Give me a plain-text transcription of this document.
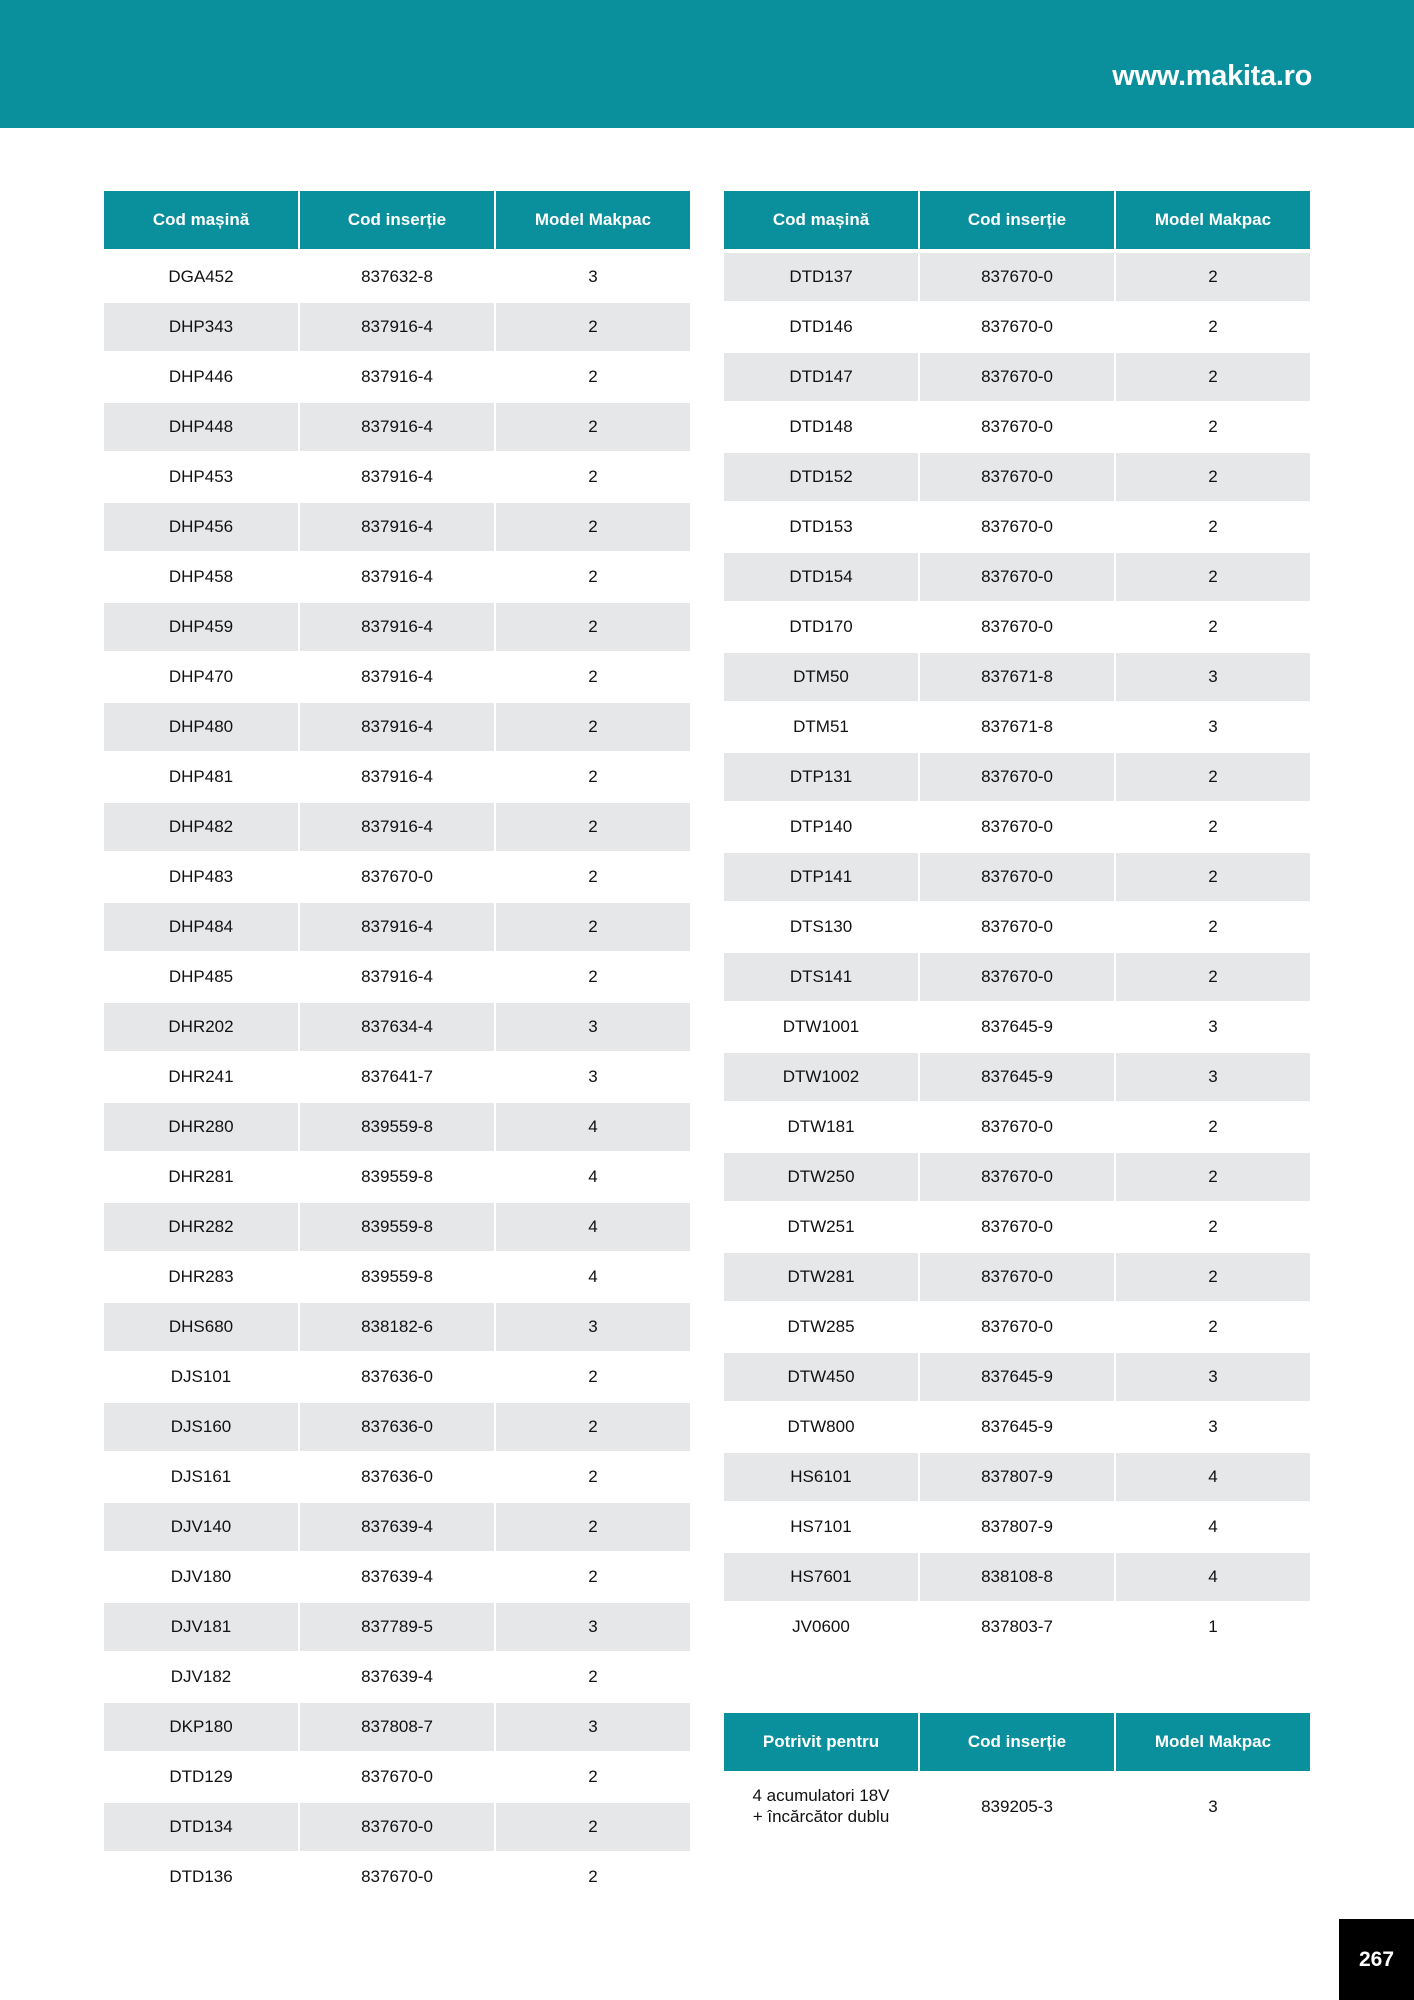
www.makita.ro
Cod mașină	Cod inserție	Model Makpac
DGA452	837632-8	3
DHP343	837916-4	2
DHP446	837916-4	2
DHP448	837916-4	2
DHP453	837916-4	2
DHP456	837916-4	2
DHP458	837916-4	2
DHP459	837916-4	2
DHP470	837916-4	2
DHP480	837916-4	2
DHP481	837916-4	2
DHP482	837916-4	2
DHP483	837670-0	2
DHP484	837916-4	2
DHP485	837916-4	2
DHR202	837634-4	3
DHR241	837641-7	3
DHR280	839559-8	4
DHR281	839559-8	4
DHR282	839559-8	4
DHR283	839559-8	4
DHS680	838182-6	3
DJS101	837636-0	2
DJS160	837636-0	2
DJS161	837636-0	2
DJV140	837639-4	2
DJV180	837639-4	2
DJV181	837789-5	3
DJV182	837639-4	2
DKP180	837808-7	3
DTD129	837670-0	2
DTD134	837670-0	2
DTD136	837670-0	2
Cod mașină	Cod inserție	Model Makpac
DTD137	837670-0	2
DTD146	837670-0	2
DTD147	837670-0	2
DTD148	837670-0	2
DTD152	837670-0	2
DTD153	837670-0	2
DTD154	837670-0	2
DTD170	837670-0	2
DTM50	837671-8	3
DTM51	837671-8	3
DTP131	837670-0	2
DTP140	837670-0	2
DTP141	837670-0	2
DTS130	837670-0	2
DTS141	837670-0	2
DTW1001	837645-9	3
DTW1002	837645-9	3
DTW181	837670-0	2
DTW250	837670-0	2
DTW251	837670-0	2
DTW281	837670-0	2
DTW285	837670-0	2
DTW450	837645-9	3
DTW800	837645-9	3
HS6101	837807-9	4
HS7101	837807-9	4
HS7601	838108-8	4
JV0600	837803-7	1
Potrivit pentru	Cod inserție	Model Makpac
4 acumulatori 18V
+ încărcător dublu	839205-3	3
267
